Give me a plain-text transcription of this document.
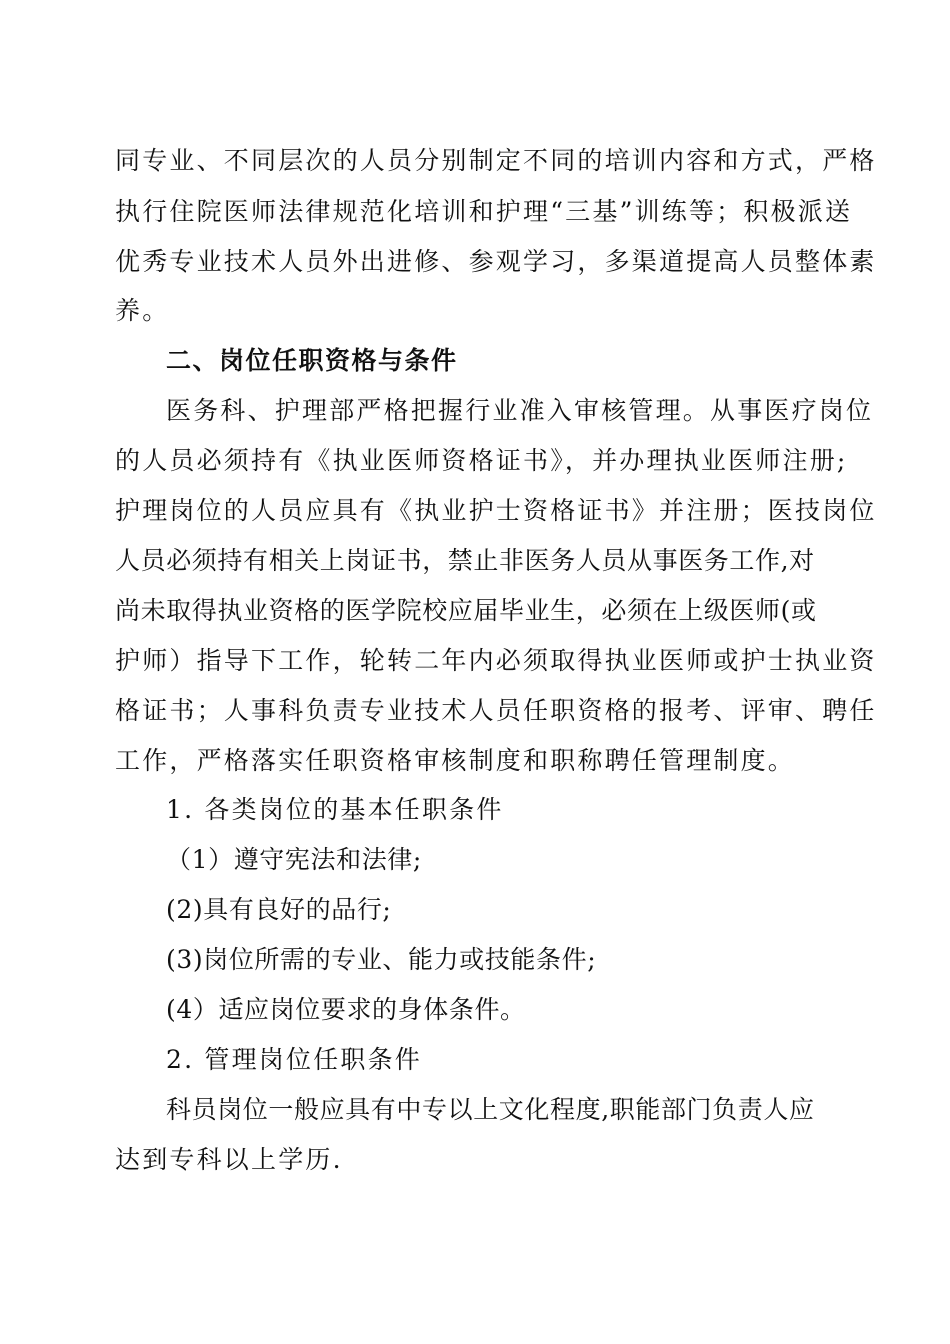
同专业、不同层次的人员分别制定不同的培训内容和方式，严格
执行住院医师法律规范化培训和护理“三基”训练等；积极派送
优秀专业技术人员外出进修、参观学习，多渠道提高人员整体素
养。
二、岗位任职资格与条件
医务科、护理部严格把握行业准入审核管理。从事医疗岗位
的人员必须持有《执业医师资格证书》，并办理执业医师注册;
护理岗位的人员应具有《执业护士资格证书》并注册；医技岗位
人员必须持有相关上岗证书，禁止非医务人员从事医务工作,对
尚未取得执业资格的医学院校应届毕业生，必须在上级医师(或
护师）指导下工作，轮转二年内必须取得执业医师或护士执业资
格证书；人事科负责专业技术人员任职资格的报考、评审、聘任
工作，严格落实任职资格审核制度和职称聘任管理制度。
1. 各类岗位的基本任职条件
（1）遵守宪法和法律;
(2)具有良好的品行;
(3)岗位所需的专业、能力或技能条件;
(4）适应岗位要求的身体条件。
2. 管理岗位任职条件
科员岗位一般应具有中专以上文化程度,职能部门负责人应
达到专科以上学历.
